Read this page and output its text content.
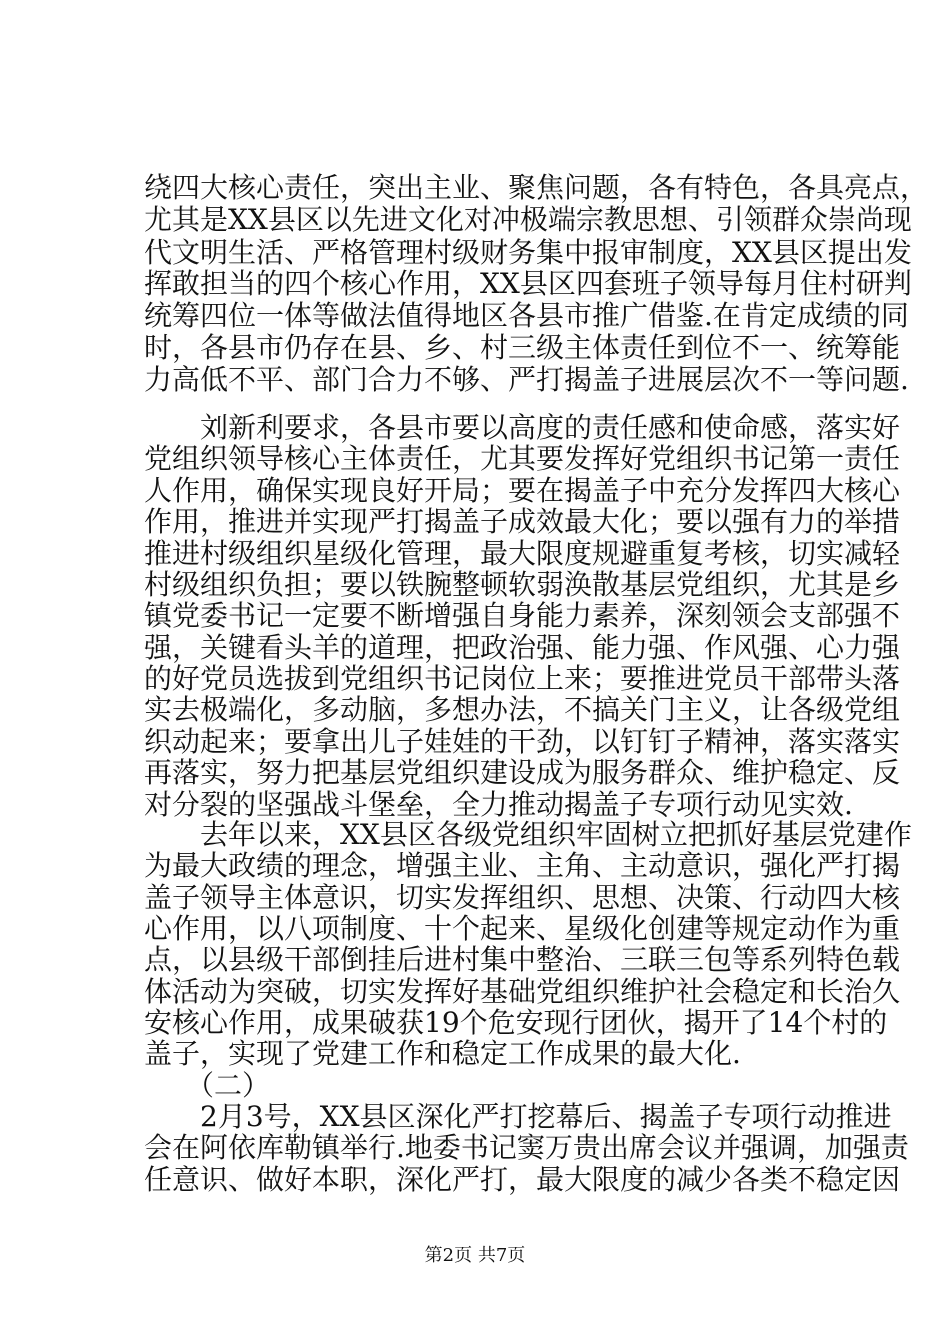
绕四大核心责任，突出主业、聚焦问题，各有特色，各具亮点，
尤其是XX县区以先进文化对冲极端宗教思想、引领群众崇尚现
代文明生活、严格管理村级财务集中报审制度，XX县区提出发
挥敢担当的四个核心作用，XX县区四套班子领导每月住村研判
统筹四位一体等做法值得地区各县市推广借鉴.在肯定成绩的同
时，各县市仍存在县、乡、村三级主体责任到位不一、统筹能
力高低不平、部门合力不够、严打揭盖子进展层次不一等问题.
　　刘新利要求，各县市要以高度的责任感和使命感，落实好
党组织领导核心主体责任，尤其要发挥好党组织书记第一责任
人作用，确保实现良好开局；要在揭盖子中充分发挥四大核心
作用，推进并实现严打揭盖子成效最大化；要以强有力的举措
推进村级组织星级化管理，最大限度规避重复考核，切实减轻
村级组织负担；要以铁腕整顿软弱涣散基层党组织，尤其是乡
镇党委书记一定要不断增强自身能力素养，深刻领会支部强不
强，关键看头羊的道理，把政治强、能力强、作风强、心力强
的好党员选拔到党组织书记岗位上来；要推进党员干部带头落
实去极端化，多动脑，多想办法，不搞关门主义，让各级党组
织动起来；要拿出儿子娃娃的干劲，以钉钉子精神，落实落实
再落实，努力把基层党组织建设成为服务群众、维护稳定、反
对分裂的坚强战斗堡垒，全力推动揭盖子专项行动见实效.
　　去年以来，XX县区各级党组织牢固树立把抓好基层党建作
为最大政绩的理念，增强主业、主角、主动意识，强化严打揭
盖子领导主体意识，切实发挥组织、思想、决策、行动四大核
心作用，以八项制度、十个起来、星级化创建等规定动作为重
点，以县级干部倒挂后进村集中整治、三联三包等系列特色载
体活动为突破，切实发挥好基础党组织维护社会稳定和长治久
安核心作用，成果破获19个危安现行团伙，揭开了14个村的
盖子，实现了党建工作和稳定工作成果的最大化.
　　（二）
　　2月3号，XX县区深化严打挖幕后、揭盖子专项行动推进
会在阿依库勒镇举行.地委书记窦万贵出席会议并强调，加强责
任意识、做好本职，深化严打，最大限度的减少各类不稳定因
第2页 共7页
